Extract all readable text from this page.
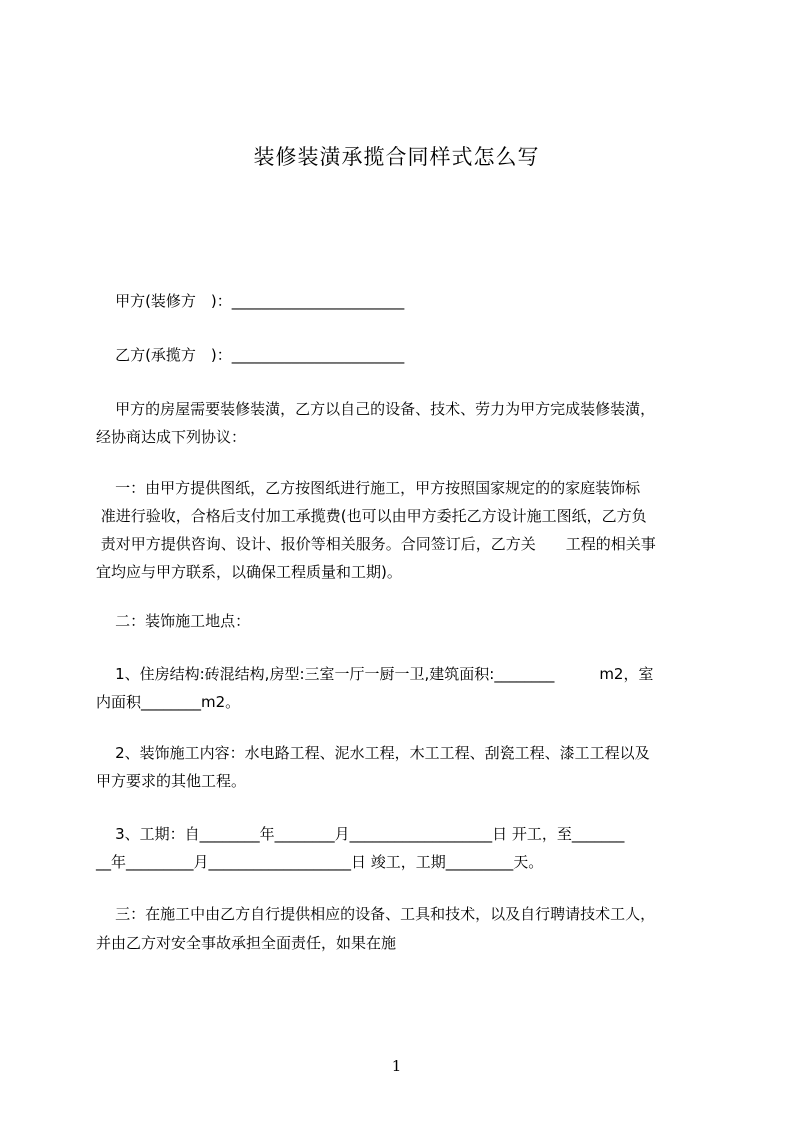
装修装潢承揽合同样式怎么写
甲方(装修方　)：_______________________
乙方(承揽方　)：_______________________
甲方的房屋需要装修装潢，乙方以自己的设备、技术、劳力为甲方完成装修装潢，
经协商达成下列协议：
一：由甲方提供图纸，乙方按图纸进行施工，甲方按照国家规定的的家庭装饰标
准进行验收，合格后支付加工承揽费(也可以由甲方委托乙方设计施工图纸，乙方负
责对甲方提供咨询、设计、报价等相关服务。合同签订后，乙方关　　工程的相关事
宜均应与甲方联系，以确保工程质量和工期)。
二：装饰施工地点：
1、住房结构:砖混结构,房型:三室一厅一厨一卫,建筑面积:________　　　m2，室
内面积________m2。
2、装饰施工内容：水电路工程、泥水工程，木工工程、刮瓷工程、漆工工程以及
甲方要求的其他工程。
3、工期：自________年________月___________________日 开工，至_______
__年_________月___________________日 竣工，工期_________天。
三：在施工中由乙方自行提供相应的设备、工具和技术，以及自行聘请技术工人，
并由乙方对安全事故承担全面责任，如果在施
1
